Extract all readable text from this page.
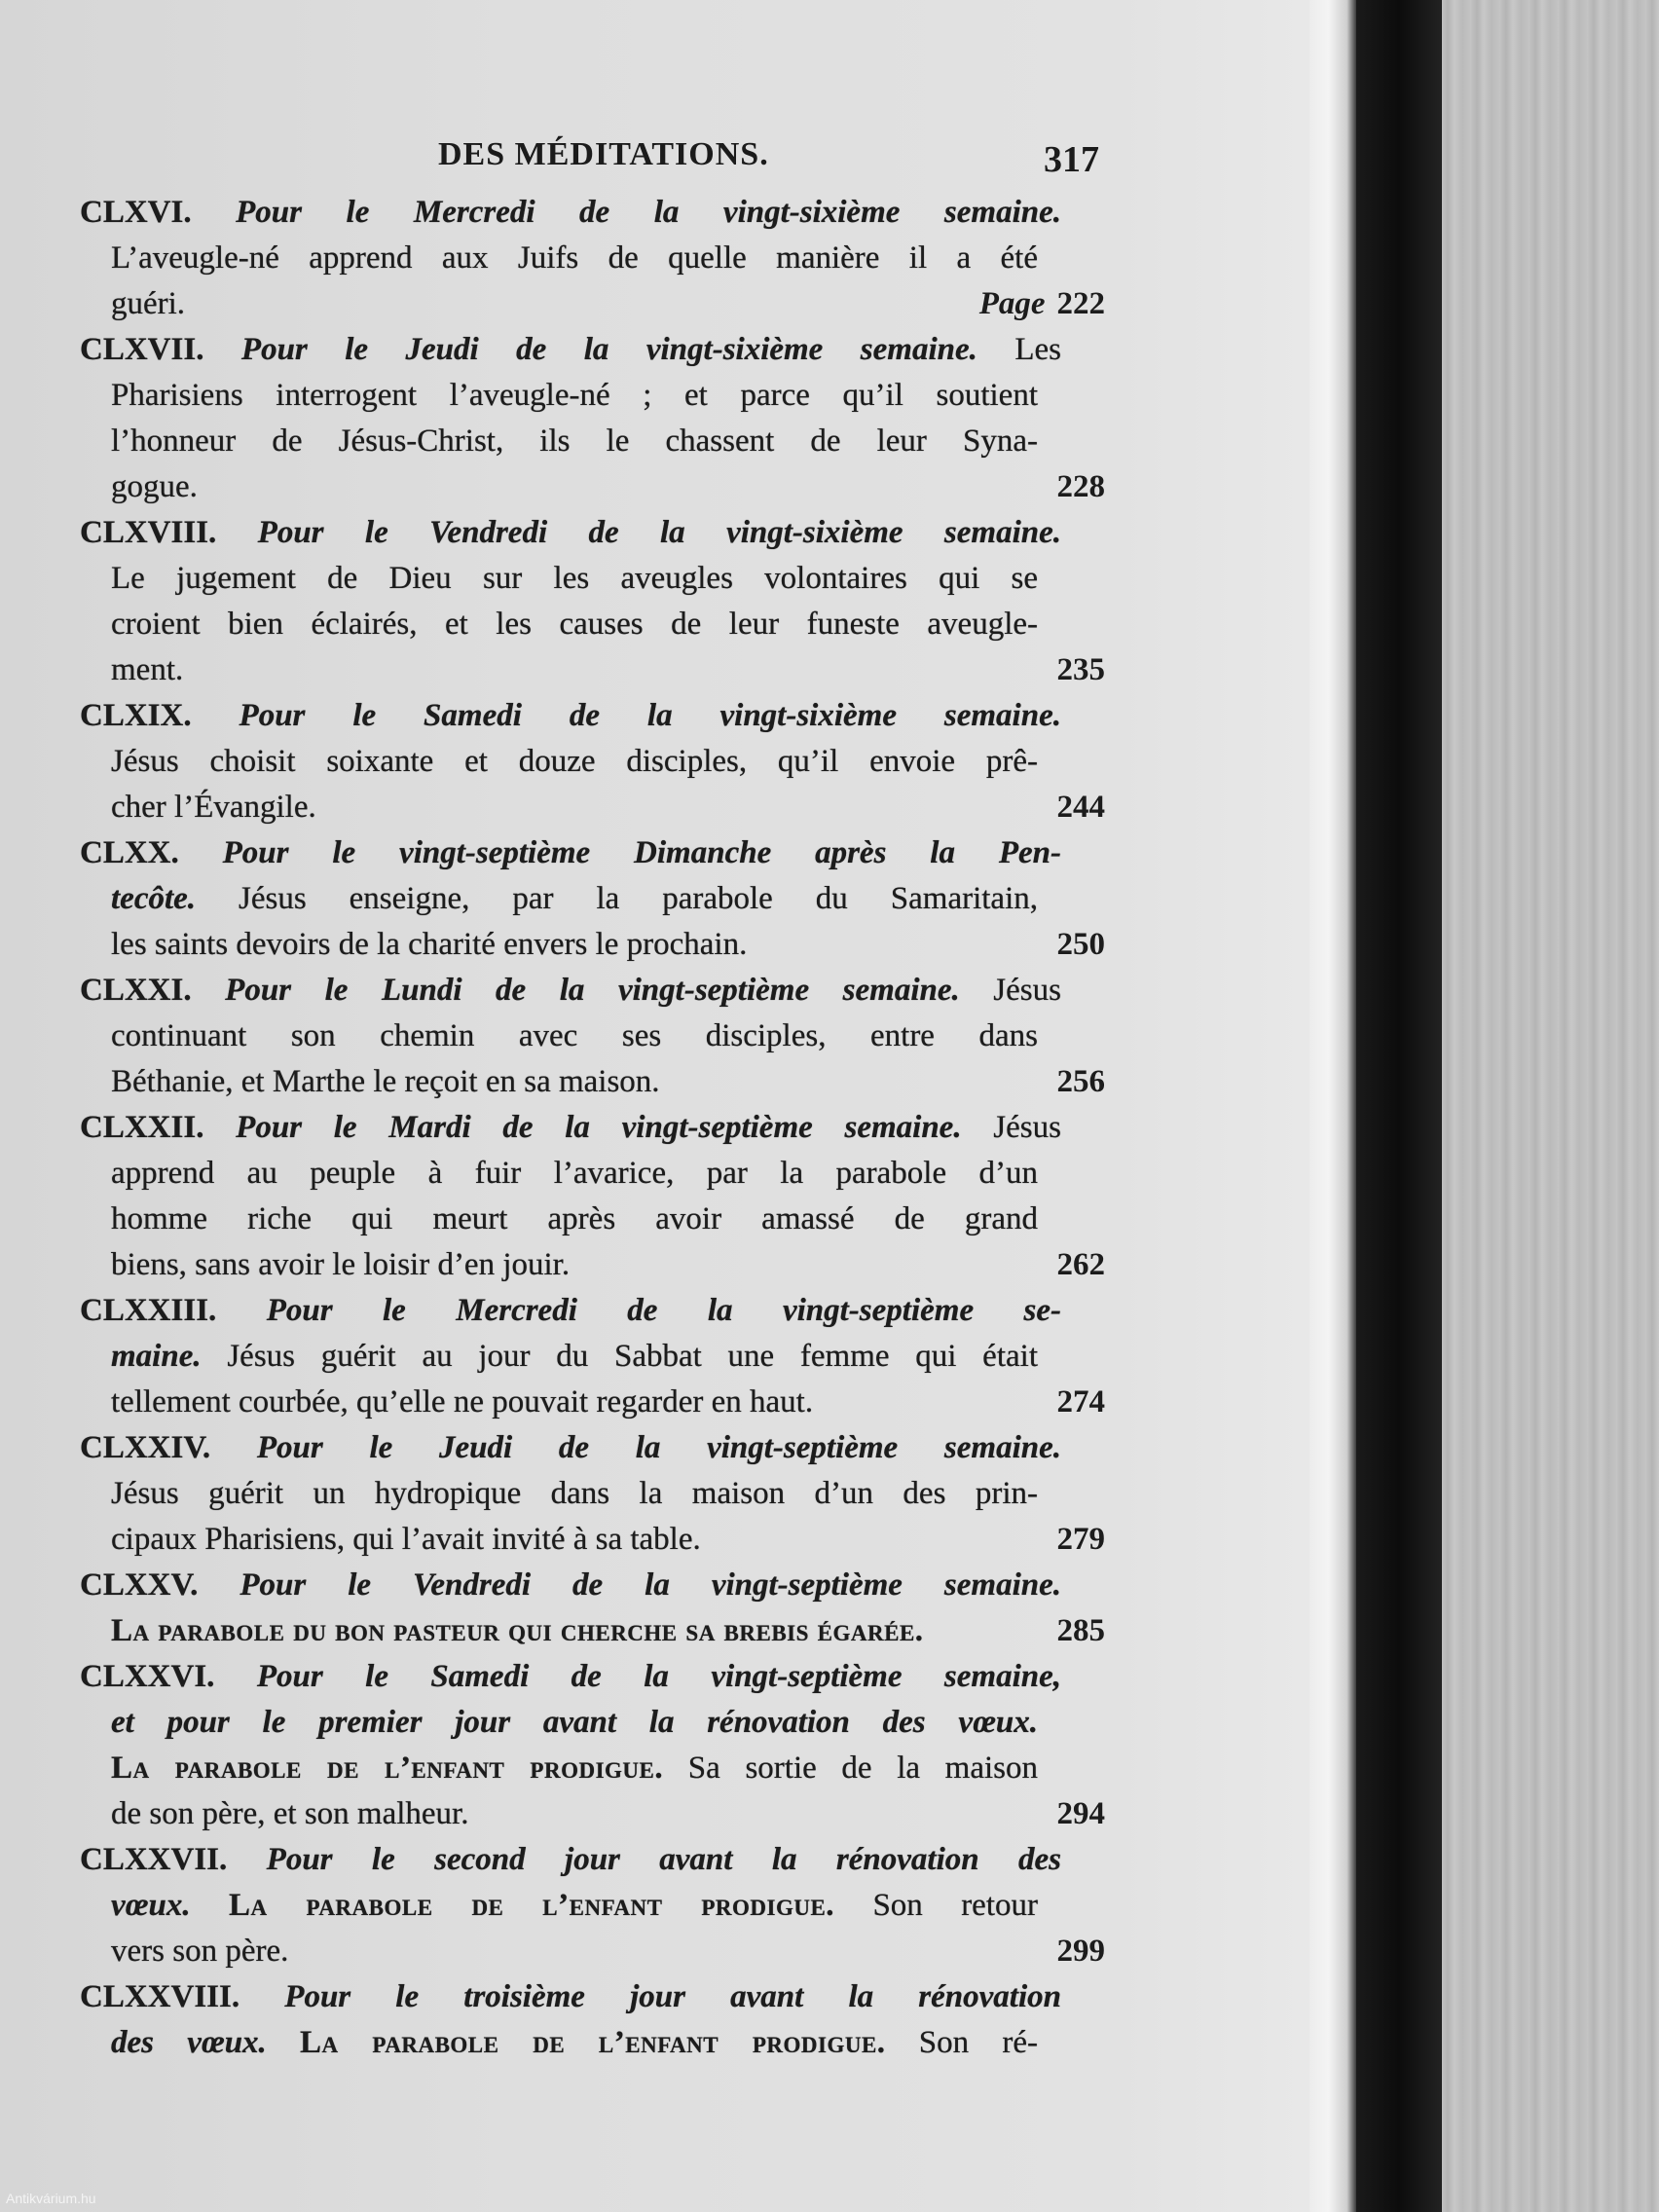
DES MÉDITATIONS.	317
CLXVI. Pour le Mercredi de la vingt-sixième semaine.
L’aveugle-né apprend aux Juifs de quelle manière il a été
guéri.	Page 222
CLXVII. Pour le Jeudi de la vingt-sixième semaine. Les
Pharisiens interrogent l’aveugle-né ; et parce qu’il soutient
l’honneur de Jésus-Christ, ils le chassent de leur Syna-
gogue.	228
CLXVIII. Pour le Vendredi de la vingt-sixième semaine.
Le jugement de Dieu sur les aveugles volontaires qui se
croient bien éclairés, et les causes de leur funeste aveugle-
ment.	235
CLXIX. Pour le Samedi de la vingt-sixième semaine.
Jésus choisit soixante et douze disciples, qu’il envoie prê-
cher l’Évangile.	244
CLXX. Pour le vingt-septième Dimanche après la Pen-
tecôte. Jésus enseigne, par la parabole du Samaritain,
les saints devoirs de la charité envers le prochain.	250
CLXXI. Pour le Lundi de la vingt-septième semaine. Jésus
continuant son chemin avec ses disciples, entre dans
Béthanie, et Marthe le reçoit en sa maison.	256
CLXXII. Pour le Mardi de la vingt-septième semaine. Jésus
apprend au peuple à fuir l’avarice, par la parabole d’un
homme riche qui meurt après avoir amassé de grand
biens, sans avoir le loisir d’en jouir.	262
CLXXIII. Pour le Mercredi de la vingt-septième se-
maine. Jésus guérit au jour du Sabbat une femme qui était
tellement courbée, qu’elle ne pouvait regarder en haut.	274
CLXXIV. Pour le Jeudi de la vingt-septième semaine.
Jésus guérit un hydropique dans la maison d’un des prin-
cipaux Pharisiens, qui l’avait invité à sa table.	279
CLXXV. Pour le Vendredi de la vingt-septième semaine.
La parabole du bon pasteur qui cherche sa brebis égarée.	285
CLXXVI. Pour le Samedi de la vingt-septième semaine,
et pour le premier jour avant la rénovation des vœux.
La parabole de l’enfant prodigue. Sa sortie de la maison
de son père, et son malheur.	294
CLXXVII. Pour le second jour avant la rénovation des
vœux. La parabole de l’enfant prodigue. Son retour
vers son père.	299
CLXXVIII. Pour le troisième jour avant la rénovation
des vœux. La parabole de l’enfant prodigue. Son ré-
Antikvárium.hu
